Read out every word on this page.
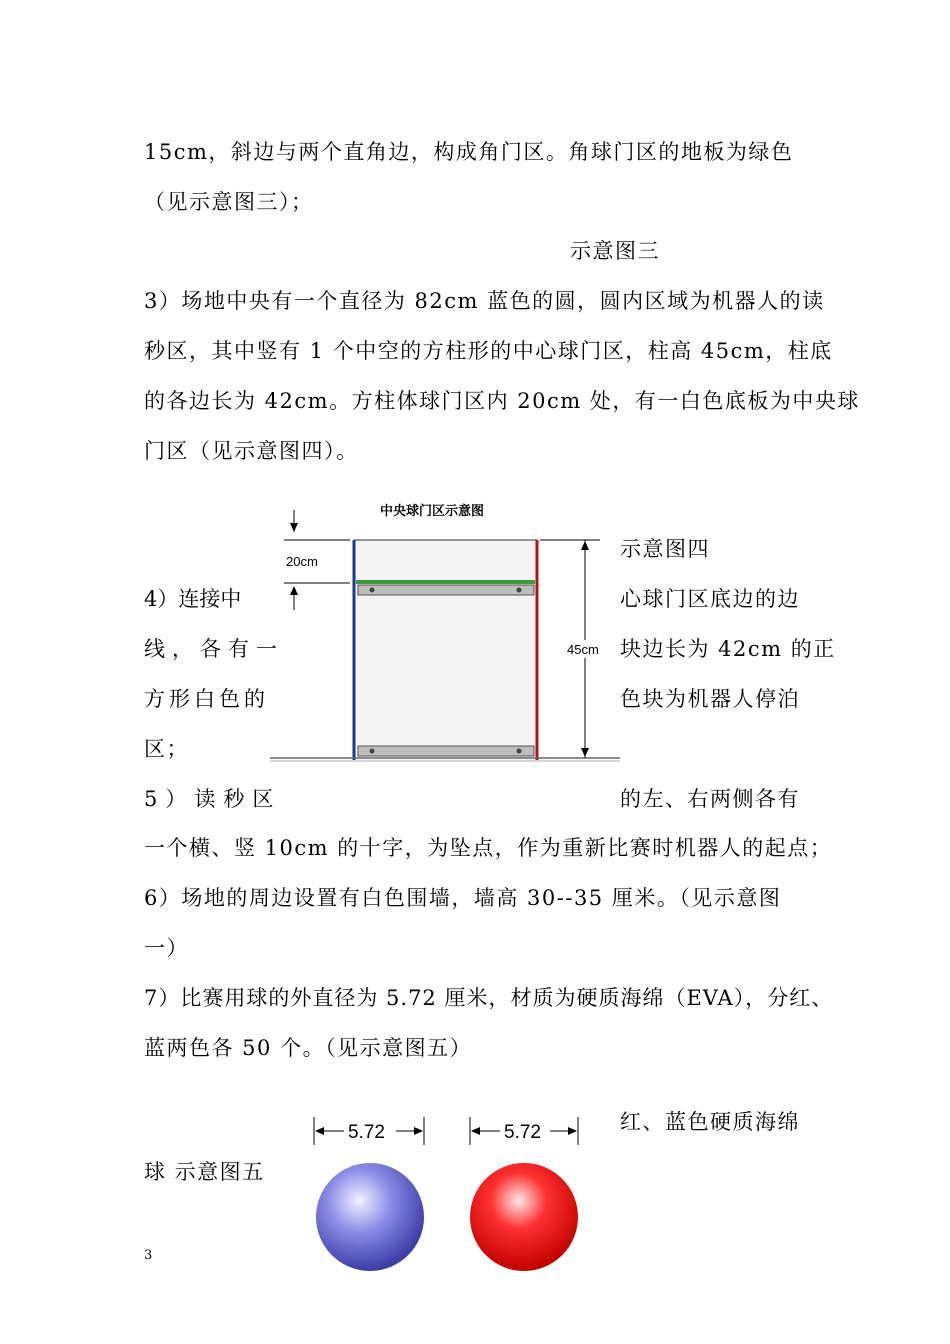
15cm，斜边与两个直角边，构成角门区。角球门区的地板为绿色
（见示意图三）；
示意图三
3）场地中央有一个直径为 82cm 蓝色的圆，圆内区域为机器人的读
秒区，其中竖有 1 个中空的方柱形的中心球门区，柱高 45cm，柱底
的各边长为 42cm。方柱体球门区内 20cm 处，有一白色底板为中央球
门区（见示意图四）。
中央球门区示意图
20cm
45cm
示意图四
4）连接中	心球门区底边的边
线，各有一	块边长为 42cm 的正
方形白色的	色块为机器人停泊
区；
5）读秒区	的左、右两侧各有
一个横、竖 10cm 的十字，为坠点，作为重新比赛时机器人的起点；
6）场地的周边设置有白色围墙，墙高 30--35 厘米。（见示意图
一）
7）比赛用球的外直径为 5.72 厘米，材质为硬质海绵（EVA），分红、
蓝两色各 50 个。（见示意图五）
红、蓝色硬质海绵
球 示意图五
5.72	5.72
3
